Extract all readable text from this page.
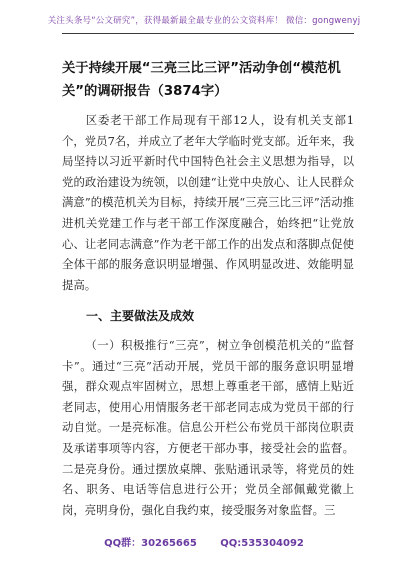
关注头条号“公文研究”，获得最新最全最专业的公文资料库！ 微信：gongwenyj
关于持续开展“三亮三比三评”活动争创“模范机关”的调研报告（3874字）
区委老干部工作局现有干部12人，设有机关支部1个，党员7名，并成立了老年大学临时党支部。近年来，我局坚持以习近平新时代中国特色社会主义思想为指导，以党的政治建设为统领，以创建“让党中央放心、让人民群众满意”的模范机关为目标，持续开展“三亮三比三评”活动推进机关党建工作与老干部工作深度融合，始终把“让党放心、让老同志满意”作为老干部工作的出发点和落脚点促使全体干部的服务意识明显增强、作风明显改进、效能明显提高。
一、主要做法及成效
（一）积极推行“三亮”，树立争创模范机关的“监督卡”。通过“三亮”活动开展，党员干部的服务意识明显增强，群众观点牢固树立，思想上尊重老干部，感情上贴近老同志，使用心用情服务老干部老同志成为党员干部的行动自觉。一是亮标准。信息公开栏公布党员干部岗位职责及承诺事项等内容，方便老干部办事，接受社会的监督。二是亮身份。通过摆放桌牌、张贴通讯录等，将党员的姓名、职务、电话等信息进行公开；党员全部佩戴党徽上岗，亮明身份，强化自我约束，接受服务对象监督。三
QQ群：30265665 QQ:535304092
